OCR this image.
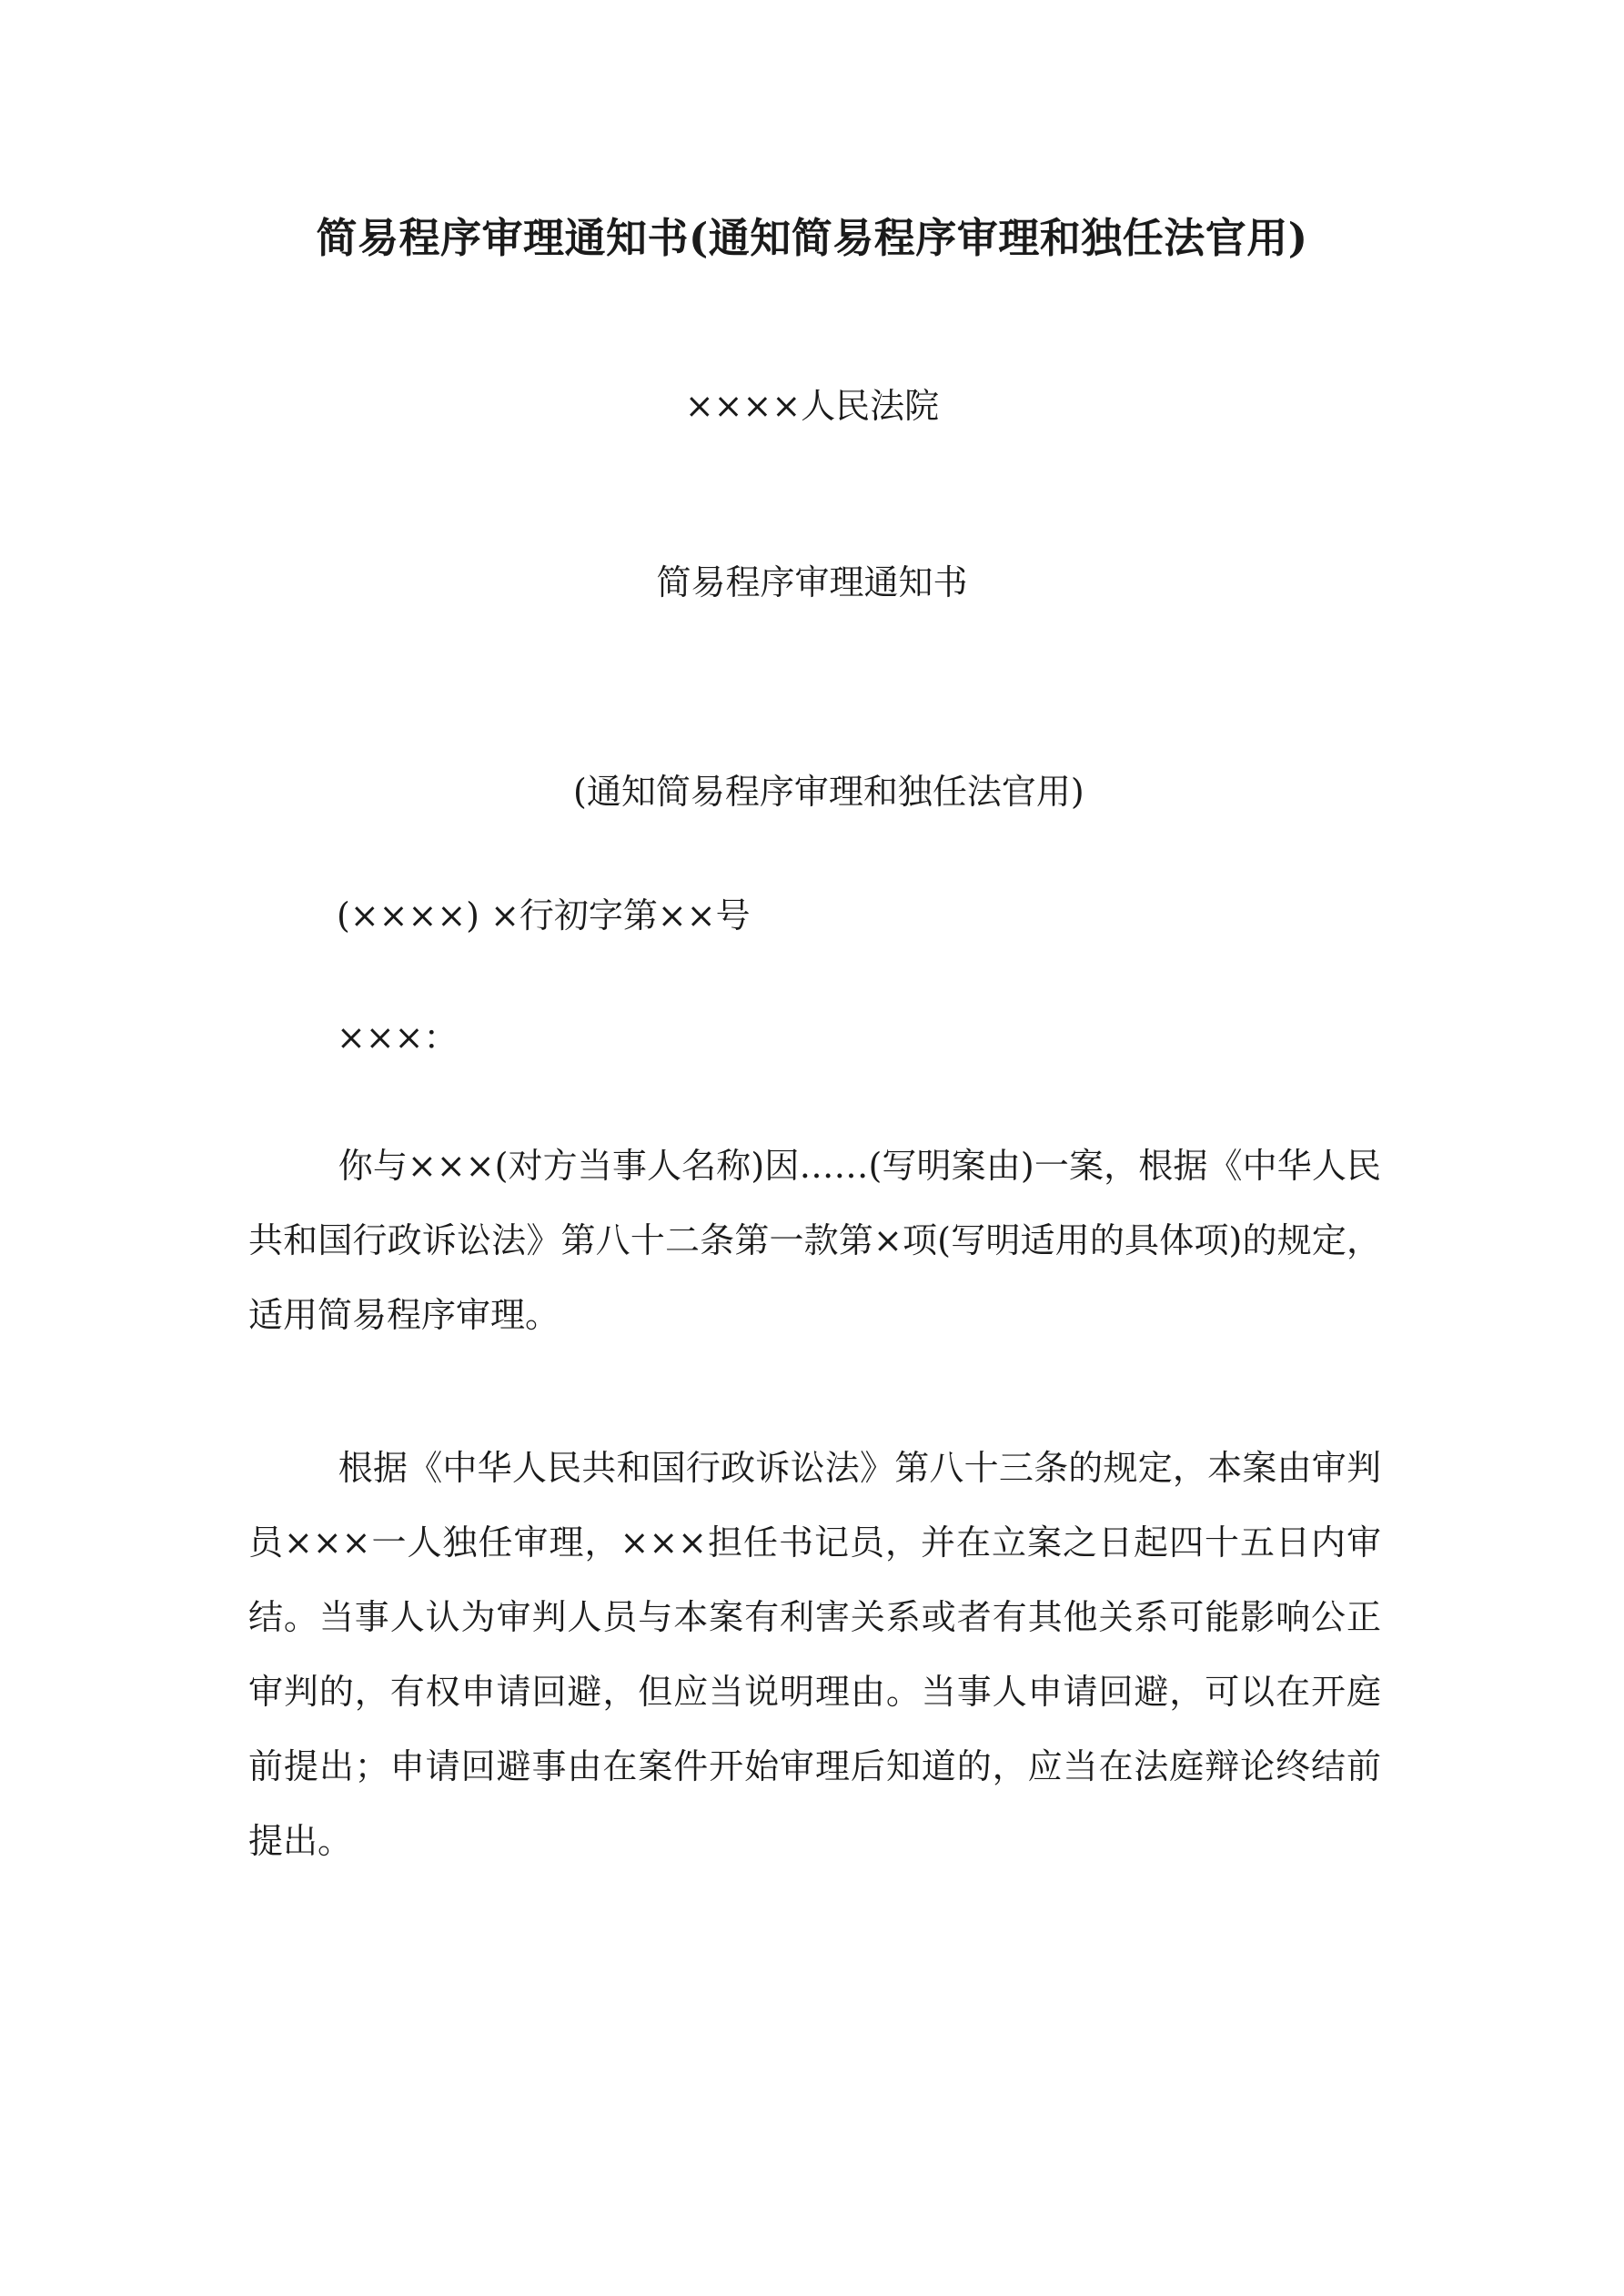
简易程序审理通知书(通知简易程序审理和独任法官用)
××××人民法院
简易程序审理通知书
(通知简易程序审理和独任法官用)
(××××) ×行初字第××号
×××：

你与×××(对方当事人名称)因……(写明案由)一案，根据《中华人民共和国行政诉讼法》第八十二条第一款第×项(写明适用的具体项)的规定，适用简易程序审理。

根据《中华人民共和国行政诉讼法》第八十三条的规定，本案由审判员×××一人独任审理，×××担任书记员，并在立案之日起四十五日内审结。当事人认为审判人员与本案有利害关系或者有其他关系可能影响公正审判的，有权申请回避，但应当说明理由。当事人申请回避，可以在开庭前提出；申请回避事由在案件开始审理后知道的，应当在法庭辩论终结前提出。
